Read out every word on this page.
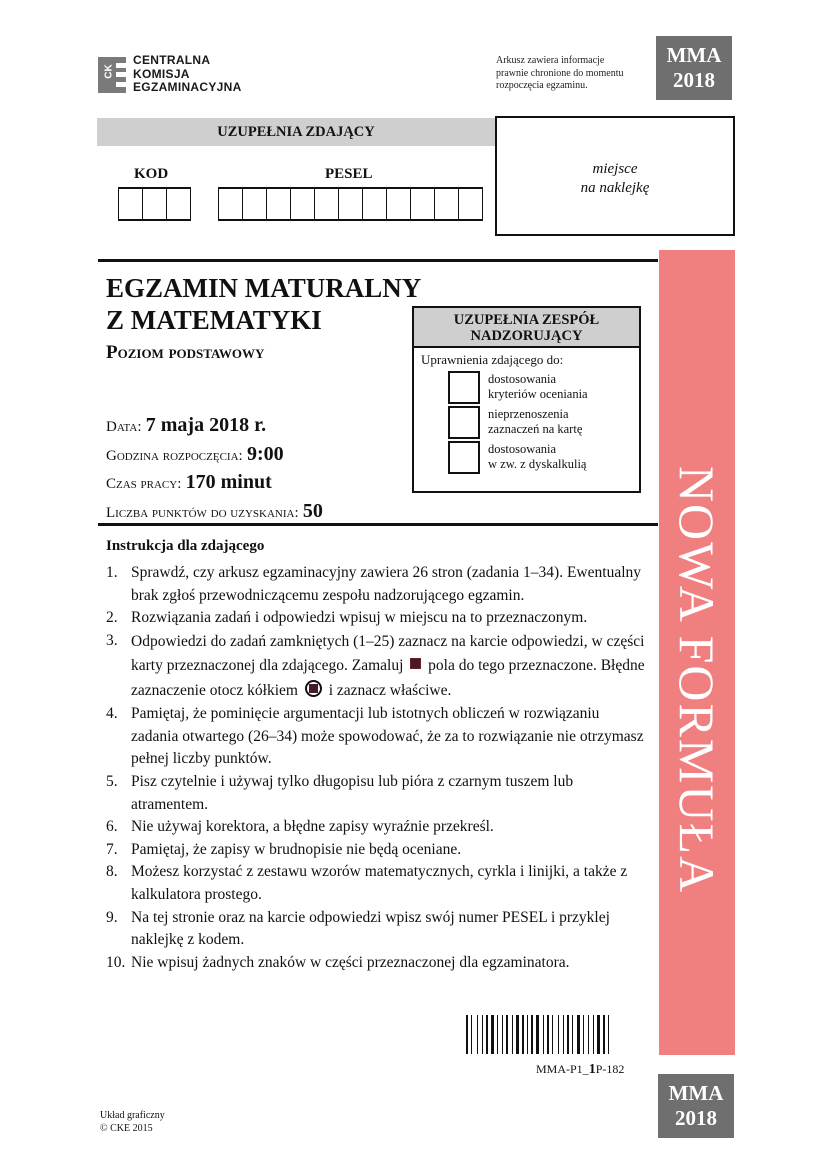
CK
CENTRALNA
KOMISJA
EGZAMINACYJNA
Arkusz zawiera informacje
prawnie chronione do momentu
rozpoczęcia egzaminu.
MMA
2018
UZUPEŁNIA ZDAJĄCY
KOD	PESEL	miejsce
na naklejkę
NOWA FORMUŁA
EGZAMIN MATURALNY
Z MATEMATYKI
Poziom podstawowy
Data: 7 maja 2018 r.
Godzina rozpoczęcia: 9:00
Czas pracy: 170 minut
Liczba punktów do uzyskania: 50
UZUPEŁNIA ZESPÓŁ
NADZORUJĄCY
Uprawnienia zdającego do:
dostosowania
kryteriów oceniania
nieprzenoszenia
zaznaczeń na kartę
dostosowania
w zw. z dyskalkulią
Instrukcja dla zdającego
1. Sprawdź, czy arkusz egzaminacyjny zawiera 26 stron (zadania 1–34). Ewentualny brak zgłoś przewodniczącemu zespołu nadzorującego egzamin.
2. Rozwiązania zadań i odpowiedzi wpisuj w miejscu na to przeznaczonym.
3. Odpowiedzi do zadań zamkniętych (1–25) zaznacz na karcie odpowiedzi, w części karty przeznaczonej dla zdającego. Zamaluj pola do tego przeznaczone. Błędne zaznaczenie otocz kółkiem i zaznacz właściwe.
4. Pamiętaj, że pominięcie argumentacji lub istotnych obliczeń w rozwiązaniu zadania otwartego (26–34) może spowodować, że za to rozwiązanie nie otrzymasz pełnej liczby punktów.
5. Pisz czytelnie i używaj tylko długopisu lub pióra z czarnym tuszem lub atramentem.
6. Nie używaj korektora, a błędne zapisy wyraźnie przekreśl.
7. Pamiętaj, że zapisy w brudnopisie nie będą oceniane.
8. Możesz korzystać z zestawu wzorów matematycznych, cyrkla i linijki, a także z kalkulatora prostego.
9. Na tej stronie oraz na karcie odpowiedzi wpisz swój numer PESEL i przyklej naklejkę z kodem.
10. Nie wpisuj żadnych znaków w części przeznaczonej dla egzaminatora.
MMA-P1_1P-182
MMA
2018
Układ graficzny
© CKE 2015
